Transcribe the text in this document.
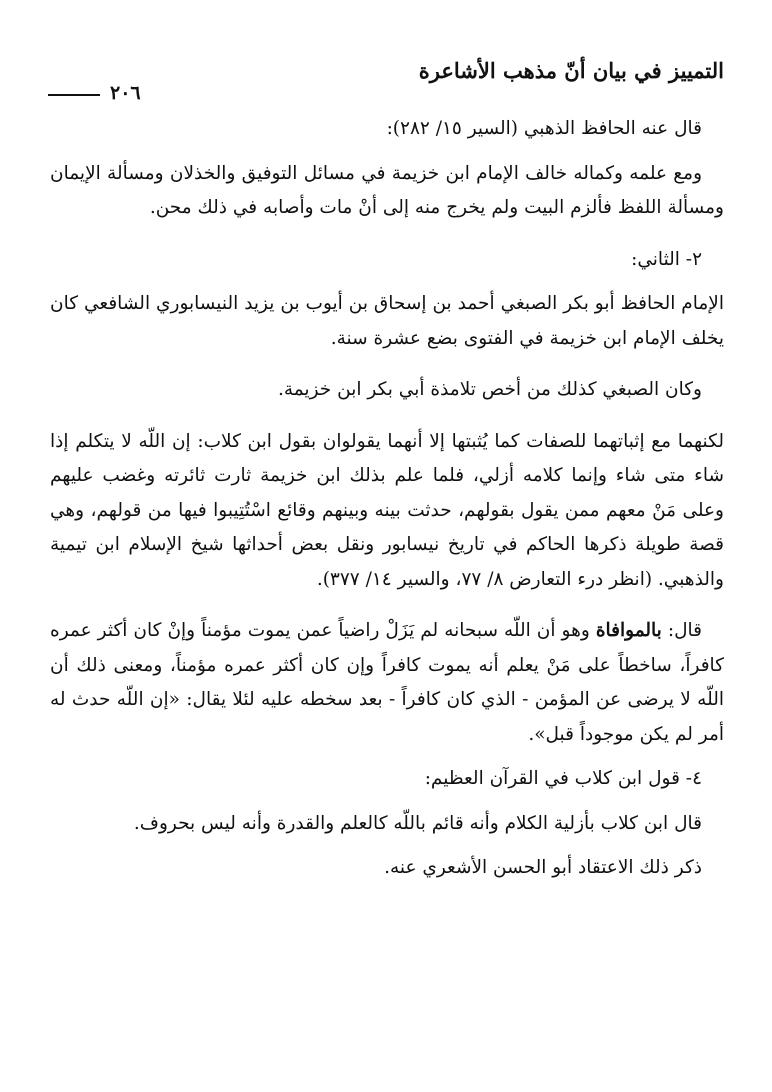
التمييز في بيان أنّ مذهب الأشاعرة
٢٠٦

قال عنه الحافظ الذهبي (السير ١٥/ ٢٨٢):

ومع علمه وكماله خالف الإمام ابن خزيمة في مسائل التوفيق والخذلان ومسألة الإيمان ومسألة اللفظ فألزم البيت ولم يخرج منه إلى أنْ مات وأصابه في ذلك محن.

٢- الثاني:

الإمام الحافظ أبو بكر الصبغي أحمد بن إسحاق بن أيوب بن يزيد النيسابوري الشافعي كان يخلف الإمام ابن خزيمة في الفتوى بضع عشرة سنة.

وكان الصبغي كذلك من أخص تلامذة أبي بكر ابن خزيمة.

لكنهما مع إثباتهما للصفات كما يُثبتها إلا أنهما يقولوان بقول ابن كلاب: إن اللّه لا يتكلم إذا شاء متى شاء وإنما كلامه أزلي، فلما علم بذلك ابن خزيمة ثارت ثائرته وغضب عليهم وعلى مَنْ معهم ممن يقول بقولهم، حدثت بينه وبينهم وقائع اسْتُتِيبوا فيها من قولهم، وهي قصة طويلة ذكرها الحاكم في تاريخ نيسابور ونقل بعض أحداثها شيخ الإسلام ابن تيمية والذهبي. (انظر درء التعارض ٨/ ٧٧، والسير ١٤/ ٣٧٧).

قال: بالموافاة وهو أن اللّه سبحانه لم يَزَلْ راضياً عمن يموت مؤمناً وإنْ كان أكثر عمره كافراً، ساخطاً على مَنْ يعلم أنه يموت كافراً وإن كان أكثر عمره مؤمناً، ومعنى ذلك أن اللّه لا يرضى عن المؤمن - الذي كان كافراً - بعد سخطه عليه لئلا يقال: «إن اللّه حدث له أمر لم يكن موجوداً قبل».

٤- قول ابن كلاب في القرآن العظيم:

قال ابن كلاب بأزلية الكلام وأنه قائم باللّه كالعلم والقدرة وأنه ليس بحروف.

ذكر ذلك الاعتقاد أبو الحسن الأشعري عنه.
